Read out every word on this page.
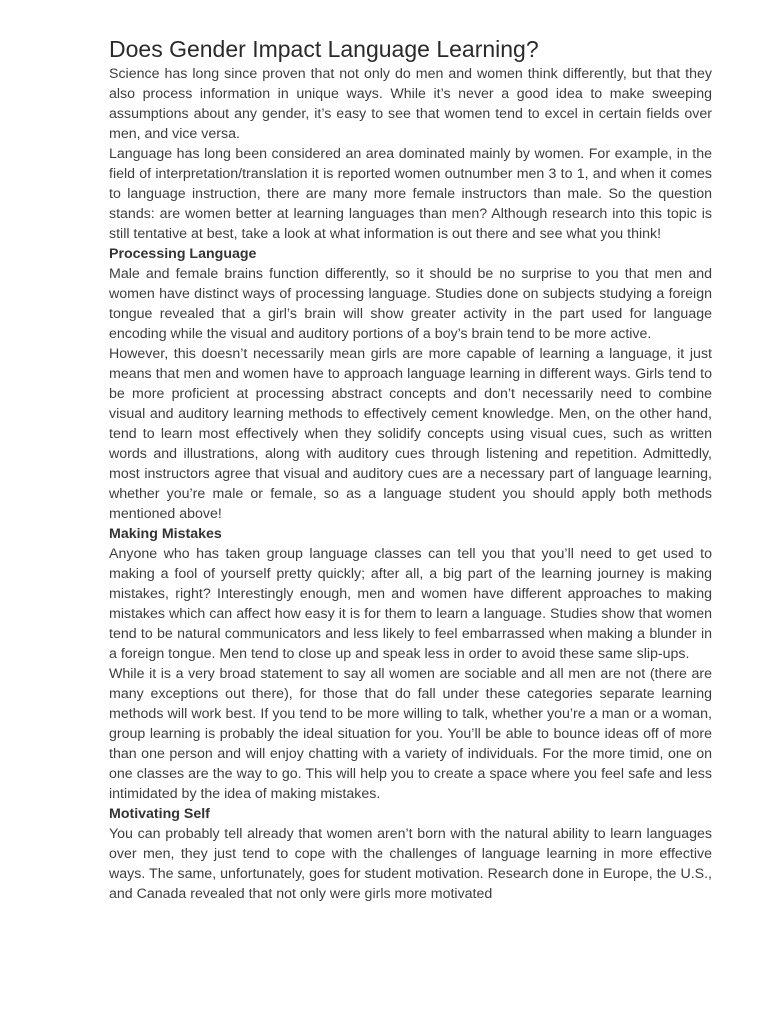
Does Gender Impact Language Learning?

Science has long since proven that not only do men and women think differently, but that they also process information in unique ways. While it’s never a good idea to make sweeping assumptions about any gender, it’s easy to see that women tend to excel in certain fields over men, and vice versa.

Language has long been considered an area dominated mainly by women. For example, in the field of interpretation/translation it is reported women outnumber men 3 to 1, and when it comes to language instruction, there are many more female instructors than male. So the question stands: are women better at learning languages than men? Although research into this topic is still tentative at best, take a look at what information is out there and see what you think!

Processing Language

Male and female brains function differently, so it should be no surprise to you that men and women have distinct ways of processing language. Studies done on subjects studying a foreign tongue revealed that a girl’s brain will show greater activity in the part used for language encoding while the visual and auditory portions of a boy’s brain tend to be more active.

However, this doesn’t necessarily mean girls are more capable of learning a language, it just means that men and women have to approach language learning in different ways. Girls tend to be more proficient at processing abstract concepts and don’t necessarily need to combine visual and auditory learning methods to effectively cement knowledge. Men, on the other hand, tend to learn most effectively when they solidify concepts using visual cues, such as written words and illustrations, along with auditory cues through listening and repetition. Admittedly, most instructors agree that visual and auditory cues are a necessary part of language learning, whether you’re male or female, so as a language student you should apply both methods mentioned above!

Making Mistakes

Anyone who has taken group language classes can tell you that you’ll need to get used to making a fool of yourself pretty quickly; after all, a big part of the learning journey is making mistakes, right? Interestingly enough, men and women have different approaches to making mistakes which can affect how easy it is for them to learn a language. Studies show that women tend to be natural communicators and less likely to feel embarrassed when making a blunder in a foreign tongue. Men tend to close up and speak less in order to avoid these same slip-ups.

While it is a very broad statement to say all women are sociable and all men are not (there are many exceptions out there), for those that do fall under these categories separate learning methods will work best. If you tend to be more willing to talk, whether you’re a man or a woman, group learning is probably the ideal situation for you. You’ll be able to bounce ideas off of more than one person and will enjoy chatting with a variety of individuals. For the more timid, one on one classes are the way to go. This will help you to create a space where you feel safe and less intimidated by the idea of making mistakes.

Motivating Self

You can probably tell already that women aren’t born with the natural ability to learn languages over men, they just tend to cope with the challenges of language learning in more effective ways. The same, unfortunately, goes for student motivation. Research done in Europe, the U.S., and Canada revealed that not only were girls more motivated
